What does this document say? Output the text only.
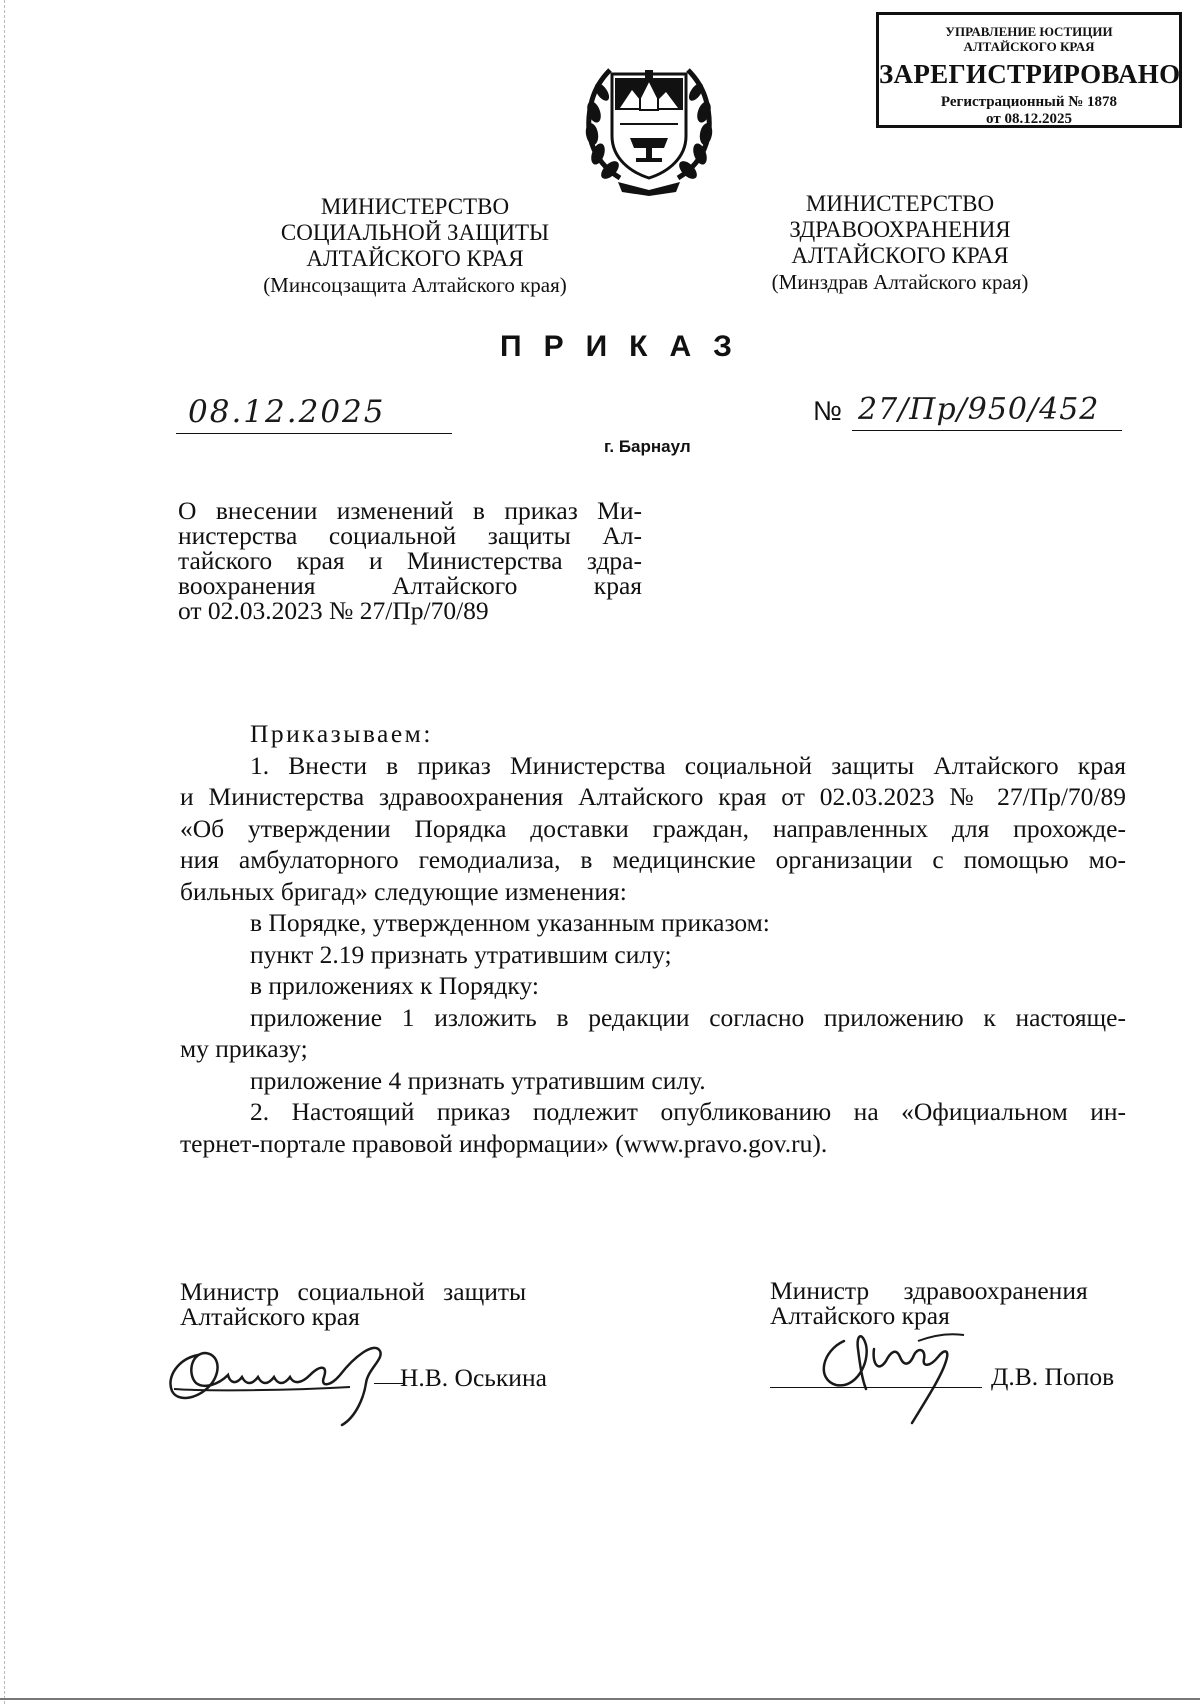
УПРАВЛЕНИЕ ЮСТИЦИИ
АЛТАЙСКОГО КРАЯ
ЗАРЕГИСТРИРОВАНО
Регистрационный № 1878
от 08.12.2025
МИНИСТЕРСТВО
СОЦИАЛЬНОЙ ЗАЩИТЫ
АЛТАЙСКОГО КРАЯ
(Минсоцзащита Алтайского края)
МИНИСТЕРСТВО
ЗДРАВООХРАНЕНИЯ
АЛТАЙСКОГО КРАЯ
(Минздрав Алтайского края)
ПРИКАЗ
08.12.2025	№ 27/Пр/950/452
г. Барнаул
О внесении изменений в приказ Ми-
нистерства социальной защиты Ал-
тайского края и Министерства здра-
воохранения Алтайского края
от 02.03.2023 № 27/Пр/70/89
Приказываем:
1. Внести в приказ Министерства социальной защиты Алтайского края
и Министерства здравоохранения Алтайского края от 02.03.2023 № 27/Пр/70/89
«Об утверждении Порядка доставки граждан, направленных для прохожде-
ния амбулаторного гемодиализа, в медицинские организации с помощью мо-
бильных бригад» следующие изменения:
в Порядке, утвержденном указанным приказом:
пункт 2.19 признать утратившим силу;
в приложениях к Порядку:
приложение 1 изложить в редакции согласно приложению к настояще-
му приказу;
приложение 4 признать утратившим силу.
2. Настоящий приказ подлежит опубликованию на «Официальном ин-
тернет-портале правовой информации» (www.pravo.gov.ru).
Министр социальной защиты
Алтайского края
Н.В. Оськина
Министр здравоохранения
Алтайского края
Д.В. Попов
